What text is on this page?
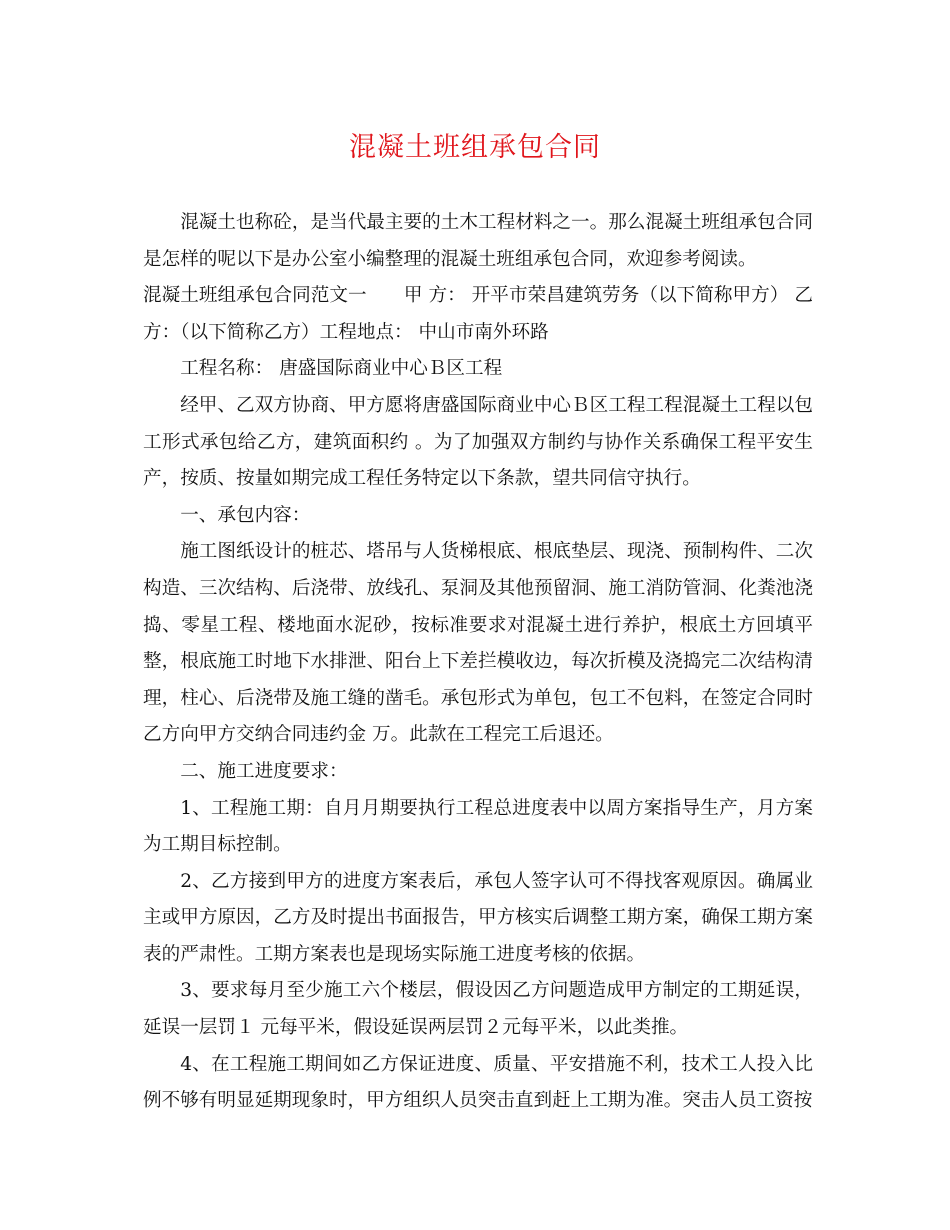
混凝土班组承包合同

混凝土也称砼，是当代最主要的土木工程材料之一。那么混凝土班组承包合同是怎样的呢以下是办公室小编整理的混凝土班组承包合同，欢迎参考阅读。

混凝土班组承包合同范文一　　甲 方： 开平市荣昌建筑劳务（以下简称甲方） 乙方：（以下简称乙方）工程地点： 中山市南外环路

工程名称： 唐盛国际商业中心Ｂ区工程

经甲、乙双方协商、甲方愿将唐盛国际商业中心Ｂ区工程工程混凝土工程以包工形式承包给乙方，建筑面积约 。为了加强双方制约与协作关系确保工程平安生产，按质、按量如期完成工程任务特定以下条款，望共同信守执行。

一、承包内容：

施工图纸设计的桩芯、塔吊与人货梯根底、根底垫层、现浇、预制构件、二次构造、三次结构、后浇带、放线孔、泵洞及其他预留洞、施工消防管洞、化粪池浇捣、零星工程、楼地面水泥砂，按标准要求对混凝土进行养护，根底土方回填平整，根底施工时地下水排泄、阳台上下差拦模收边，每次折模及浇捣完二次结构清理，柱心、后浇带及施工缝的凿毛。承包形式为单包，包工不包料，在签定合同时乙方向甲方交纳合同违约金 万。此款在工程完工后退还。

二、施工进度要求：

1、工程施工期：自月月期要执行工程总进度表中以周方案指导生产，月方案为工期目标控制。

2、乙方接到甲方的进度方案表后，承包人签字认可不得找客观原因。确属业主或甲方原因，乙方及时提出书面报告，甲方核实后调整工期方案，确保工期方案表的严肃性。工期方案表也是现场实际施工进度考核的依据。

3、要求每月至少施工六个楼层，假设因乙方问题造成甲方制定的工期延误，延误一层罚１ 元每平米，假设延误两层罚２元每平米，以此类推。

4、在工程施工期间如乙方保证进度、质量、平安措施不利，技术工人投入比例不够有明显延期现象时，甲方组织人员突击直到赶上工期为准。突击人员工资按
